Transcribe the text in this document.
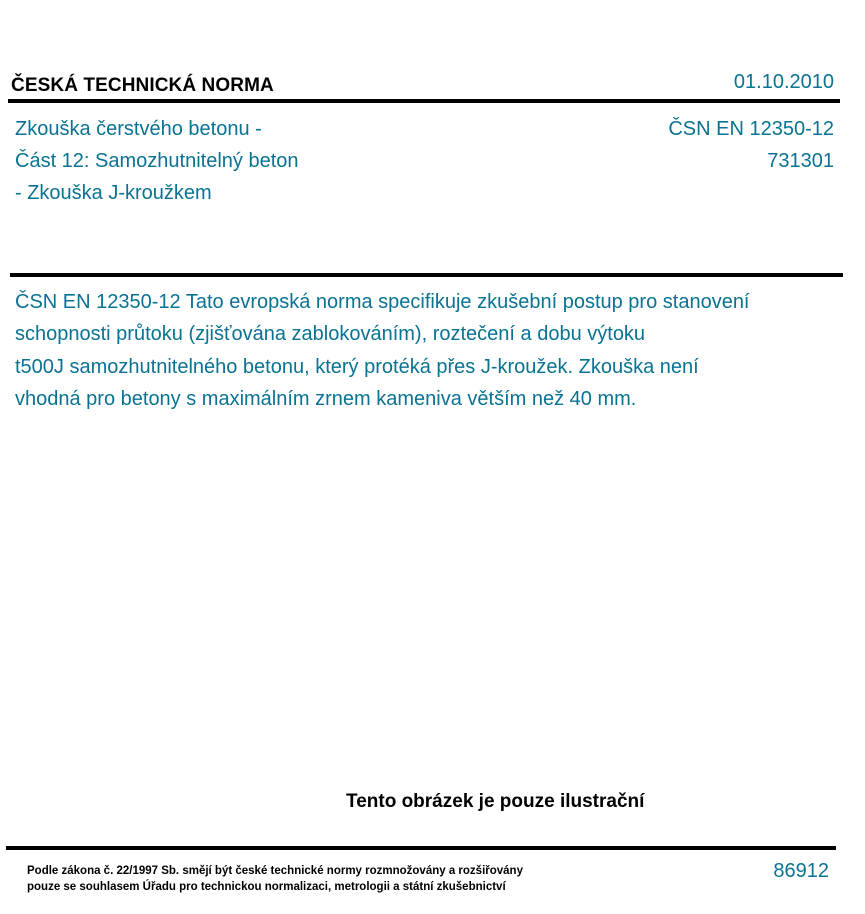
ČESKÁ TECHNICKÁ NORMA	01.10.2010
Zkouška čerstvého betonu -
Část 12: Samozhutnitelný beton
- Zkouška J-kroužkem
ČSN EN 12350-12
731301
ČSN EN 12350-12 Tato evropská norma specifikuje zkušební postup pro stanovení
schopnosti průtoku (zjišťována zablokováním), roztečení a dobu výtoku
t500J samozhutnitelného betonu, který protéká přes J-kroužek. Zkouška není
vhodná pro betony s maximálním zrnem kameniva větším než 40 mm.
Tento obrázek je pouze ilustrační
Podle zákona č. 22/1997 Sb. smějí být české technické normy rozmnožovány a rozšiřovány
pouze se souhlasem Úřadu pro technickou normalizaci, metrologii a státní zkušebnictví
86912
